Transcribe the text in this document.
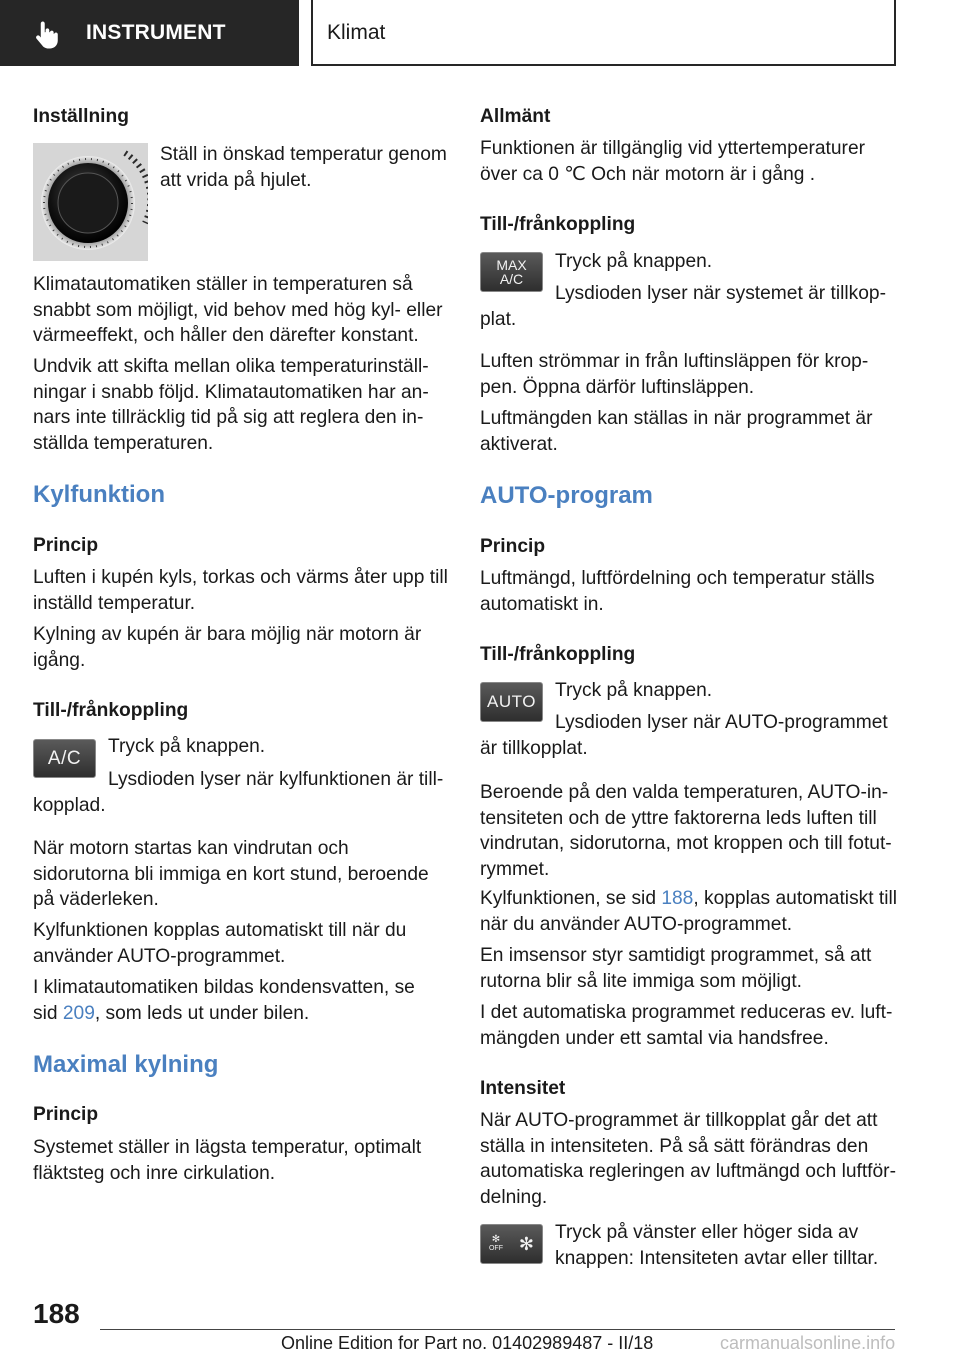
INSTRUMENT	Klimat
Inställning
Ställ in önskad temperatur genom att vrida på hjulet.
Klimatautomatiken ställer in temperaturen så snabbt som möjligt, vid behov med hög kyl- eller värmeeffekt, och håller den därefter konstant.
Undvik att skifta mellan olika temperaturinställningar i snabb följd. Klimatautomatiken har annars inte tillräcklig tid på sig att reglera den inställda temperaturen.
Kylfunktion
Princip
Luften i kupén kyls, torkas och värms åter upp till inställd temperatur.
Kylning av kupén är bara möjlig när motorn är igång.
Till-/frånkoppling
A/C
Tryck på knappen.
Lysdioden lyser när kylfunktionen är tillkopplad.
När motorn startas kan vindrutan och sidorutorna bli immiga en kort stund, beroende på väderleken.
Kylfunktionen kopplas automatiskt till när du använder AUTO-programmet.
I klimatautomatiken bildas kondensvatten, se sid 209, som leds ut under bilen.
Maximal kylning
Princip
Systemet ställer in lägsta temperatur, optimalt fläktsteg och inre cirkulation.
Allmänt
Funktionen är tillgänglig vid yttertemperaturer över ca 0 ℃ Och när motorn är i gång .
Till-/frånkoppling
MAX
A/C
Tryck på knappen.
Lysdioden lyser när systemet är tillkopplat.
Luften strömmar in från luftinsläppen för kroppen. Öppna därför luftinsläppen.
Luftmängden kan ställas in när programmet är aktiverat.
AUTO-program
Princip
Luftmängd, luftfördelning och temperatur ställs automatiskt in.
Till-/frånkoppling
AUTO
Tryck på knappen.
Lysdioden lyser när AUTO-programmet är tillkopplat.
Beroende på den valda temperaturen, AUTO-intensiteten och de yttre faktorerna leds luften till vindrutan, sidorutorna, mot kroppen och till fotutrymmet.
Kylfunktionen, se sid 188, kopplas automatiskt till när du använder AUTO-programmet.
En imsensor styr samtidigt programmet, så att rutorna blir så lite immiga som möjligt.
I det automatiska programmet reduceras ev. luftmängden under ett samtal via handsfree.
Intensitet
När AUTO-programmet är tillkopplat går det att ställa in intensiteten. På så sätt förändras den automatiska regleringen av luftmängd och luftfördelning.
✻
OFF ✻
Tryck på vänster eller höger sida av knappen: Intensiteten avtar eller tilltar.
188
Online Edition for Part no. 01402989487 - II/18	carmanualsonline.info
